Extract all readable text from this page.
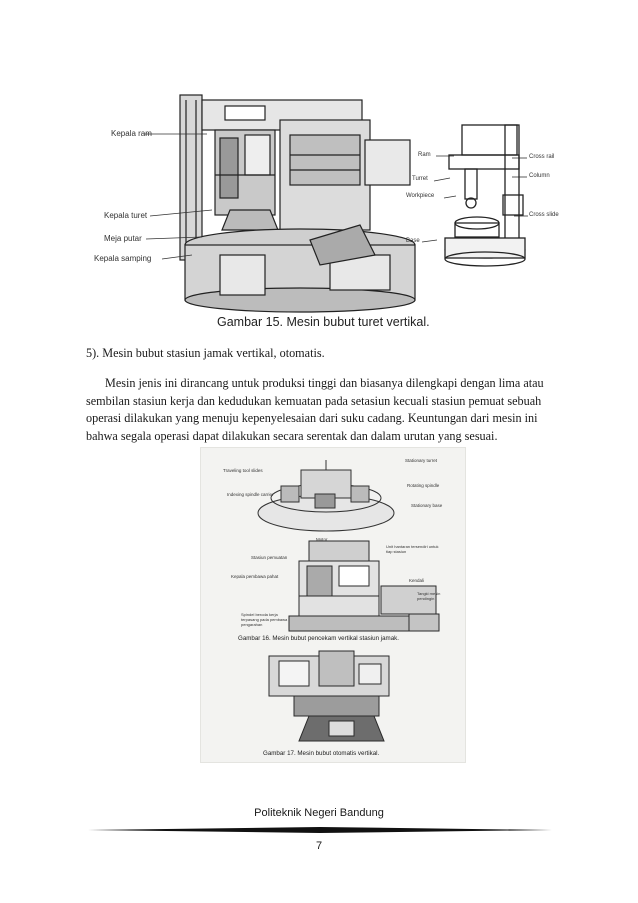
Kepala ram
Kepala turet
Meja putar
Kepala samping
Ram
Turret
Workpiece
Base
Cross rail
Column
Cross slide
Gambar 15. Mesin bubut turet vertikal.
5). Mesin bubut stasiun jamak vertikal, otomatis.
Mesin jenis ini dirancang untuk produksi tinggi dan biasanya dilengkapi dengan lima atau
sembilan stasiun kerja dan kedudukan kemuatan pada setasiun kecuali stasiun pemuat sebuah
operasi dilakukan yang menuju kepenyelesaian dari suku cadang. Keuntungan dari mesin ini
bahwa segala operasi dapat dilakukan secara serentak dan dalam urutan yang sesuai.
Traveling tool slides
Indexing spindle carrier
Stationary turret
Rotating spindle
Stationary base
Motor
Stasiun pemuatan
Kepala pembawa pahat
Spindel beroda kerja terpasang pada pembawa pengarahan
Unit hantaran tersendiri untuk tiap stasiun
Kendali
Tangki mesin pendingin
Gambar 16. Mesin bubut pencekam vertikal stasiun jamak.
Gambar 17. Mesin bubut otomatis vertikal.
Politeknik Negeri Bandung
7
